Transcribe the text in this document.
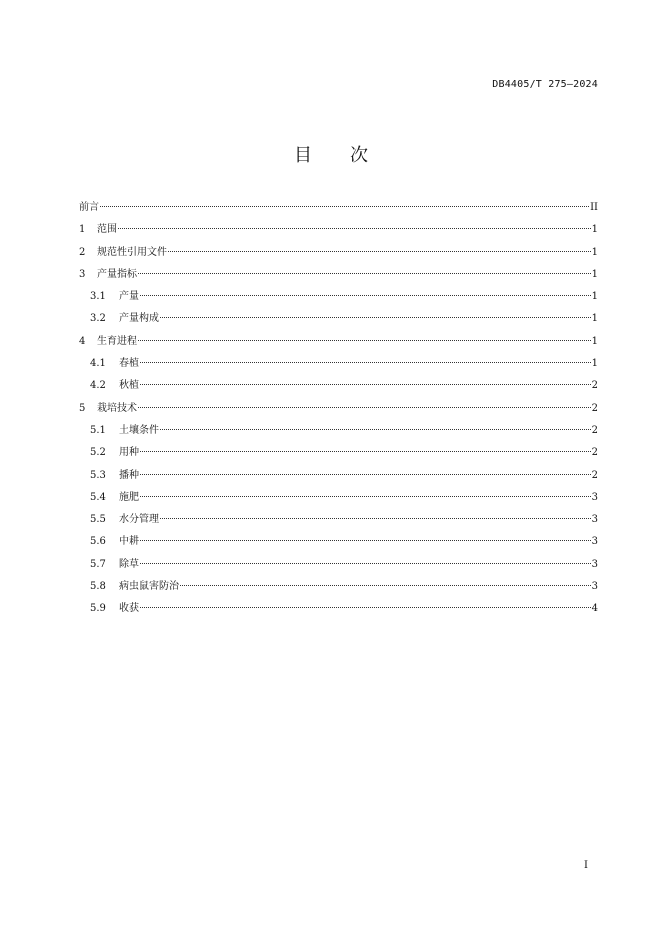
DB4405/T 275—2024
目次
前言	II
1	范围	1
2	规范性引用文件	1
3	产量指标	1
3.1	产量	1
3.2	产量构成	1
4	生育进程	1
4.1	春植	1
4.2	秋植	2
5	栽培技术	2
5.1	土壤条件	2
5.2	用种	2
5.3	播种	2
5.4	施肥	3
5.5	水分管理	3
5.6	中耕	3
5.7	除草	3
5.8	病虫鼠害防治	3
5.9	收获	4
I
